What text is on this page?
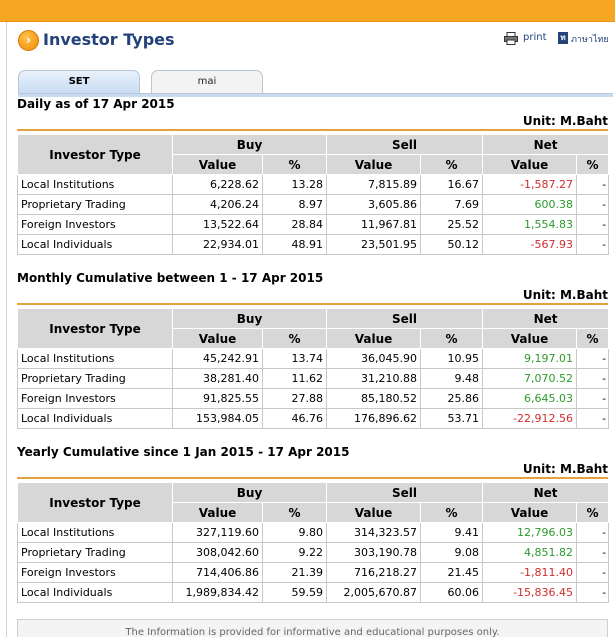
› Investor Types	print ท ภาษาไทย
SET	mai
Daily as of 17 Apr 2015
Unit: M.Baht
Investor Type	Buy		Sell		Net	
	Value	%	Value	%	Value	%
Local Institutions	6,228.62	13.28	7,815.89	16.67	-1,587.27	-
Proprietary Trading	4,206.24	8.97	3,605.86	7.69	600.38	-
Foreign Investors	13,522.64	28.84	11,967.81	25.52	1,554.83	-
Local Individuals	22,934.01	48.91	23,501.95	50.12	-567.93	-
Monthly Cumulative between 1 - 17 Apr 2015
Unit: M.Baht
Investor Type	Buy		Sell		Net	
	Value	%	Value	%	Value	%
Local Institutions	45,242.91	13.74	36,045.90	10.95	9,197.01	-
Proprietary Trading	38,281.40	11.62	31,210.88	9.48	7,070.52	-
Foreign Investors	91,825.55	27.88	85,180.52	25.86	6,645.03	-
Local Individuals	153,984.05	46.76	176,896.62	53.71	-22,912.56	-
Yearly Cumulative since 1 Jan 2015 - 17 Apr 2015
Unit: M.Baht
Investor Type	Buy		Sell		Net	
	Value	%	Value	%	Value	%
Local Institutions	327,119.60	9.80	314,323.57	9.41	12,796.03	-
Proprietary Trading	308,042.60	9.22	303,190.78	9.08	4,851.82	-
Foreign Investors	714,406.86	21.39	716,218.27	21.45	-1,811.40	-
Local Individuals	1,989,834.42	59.59	2,005,670.87	60.06	-15,836.45	-
The Information is provided for informative and educational purposes only.
